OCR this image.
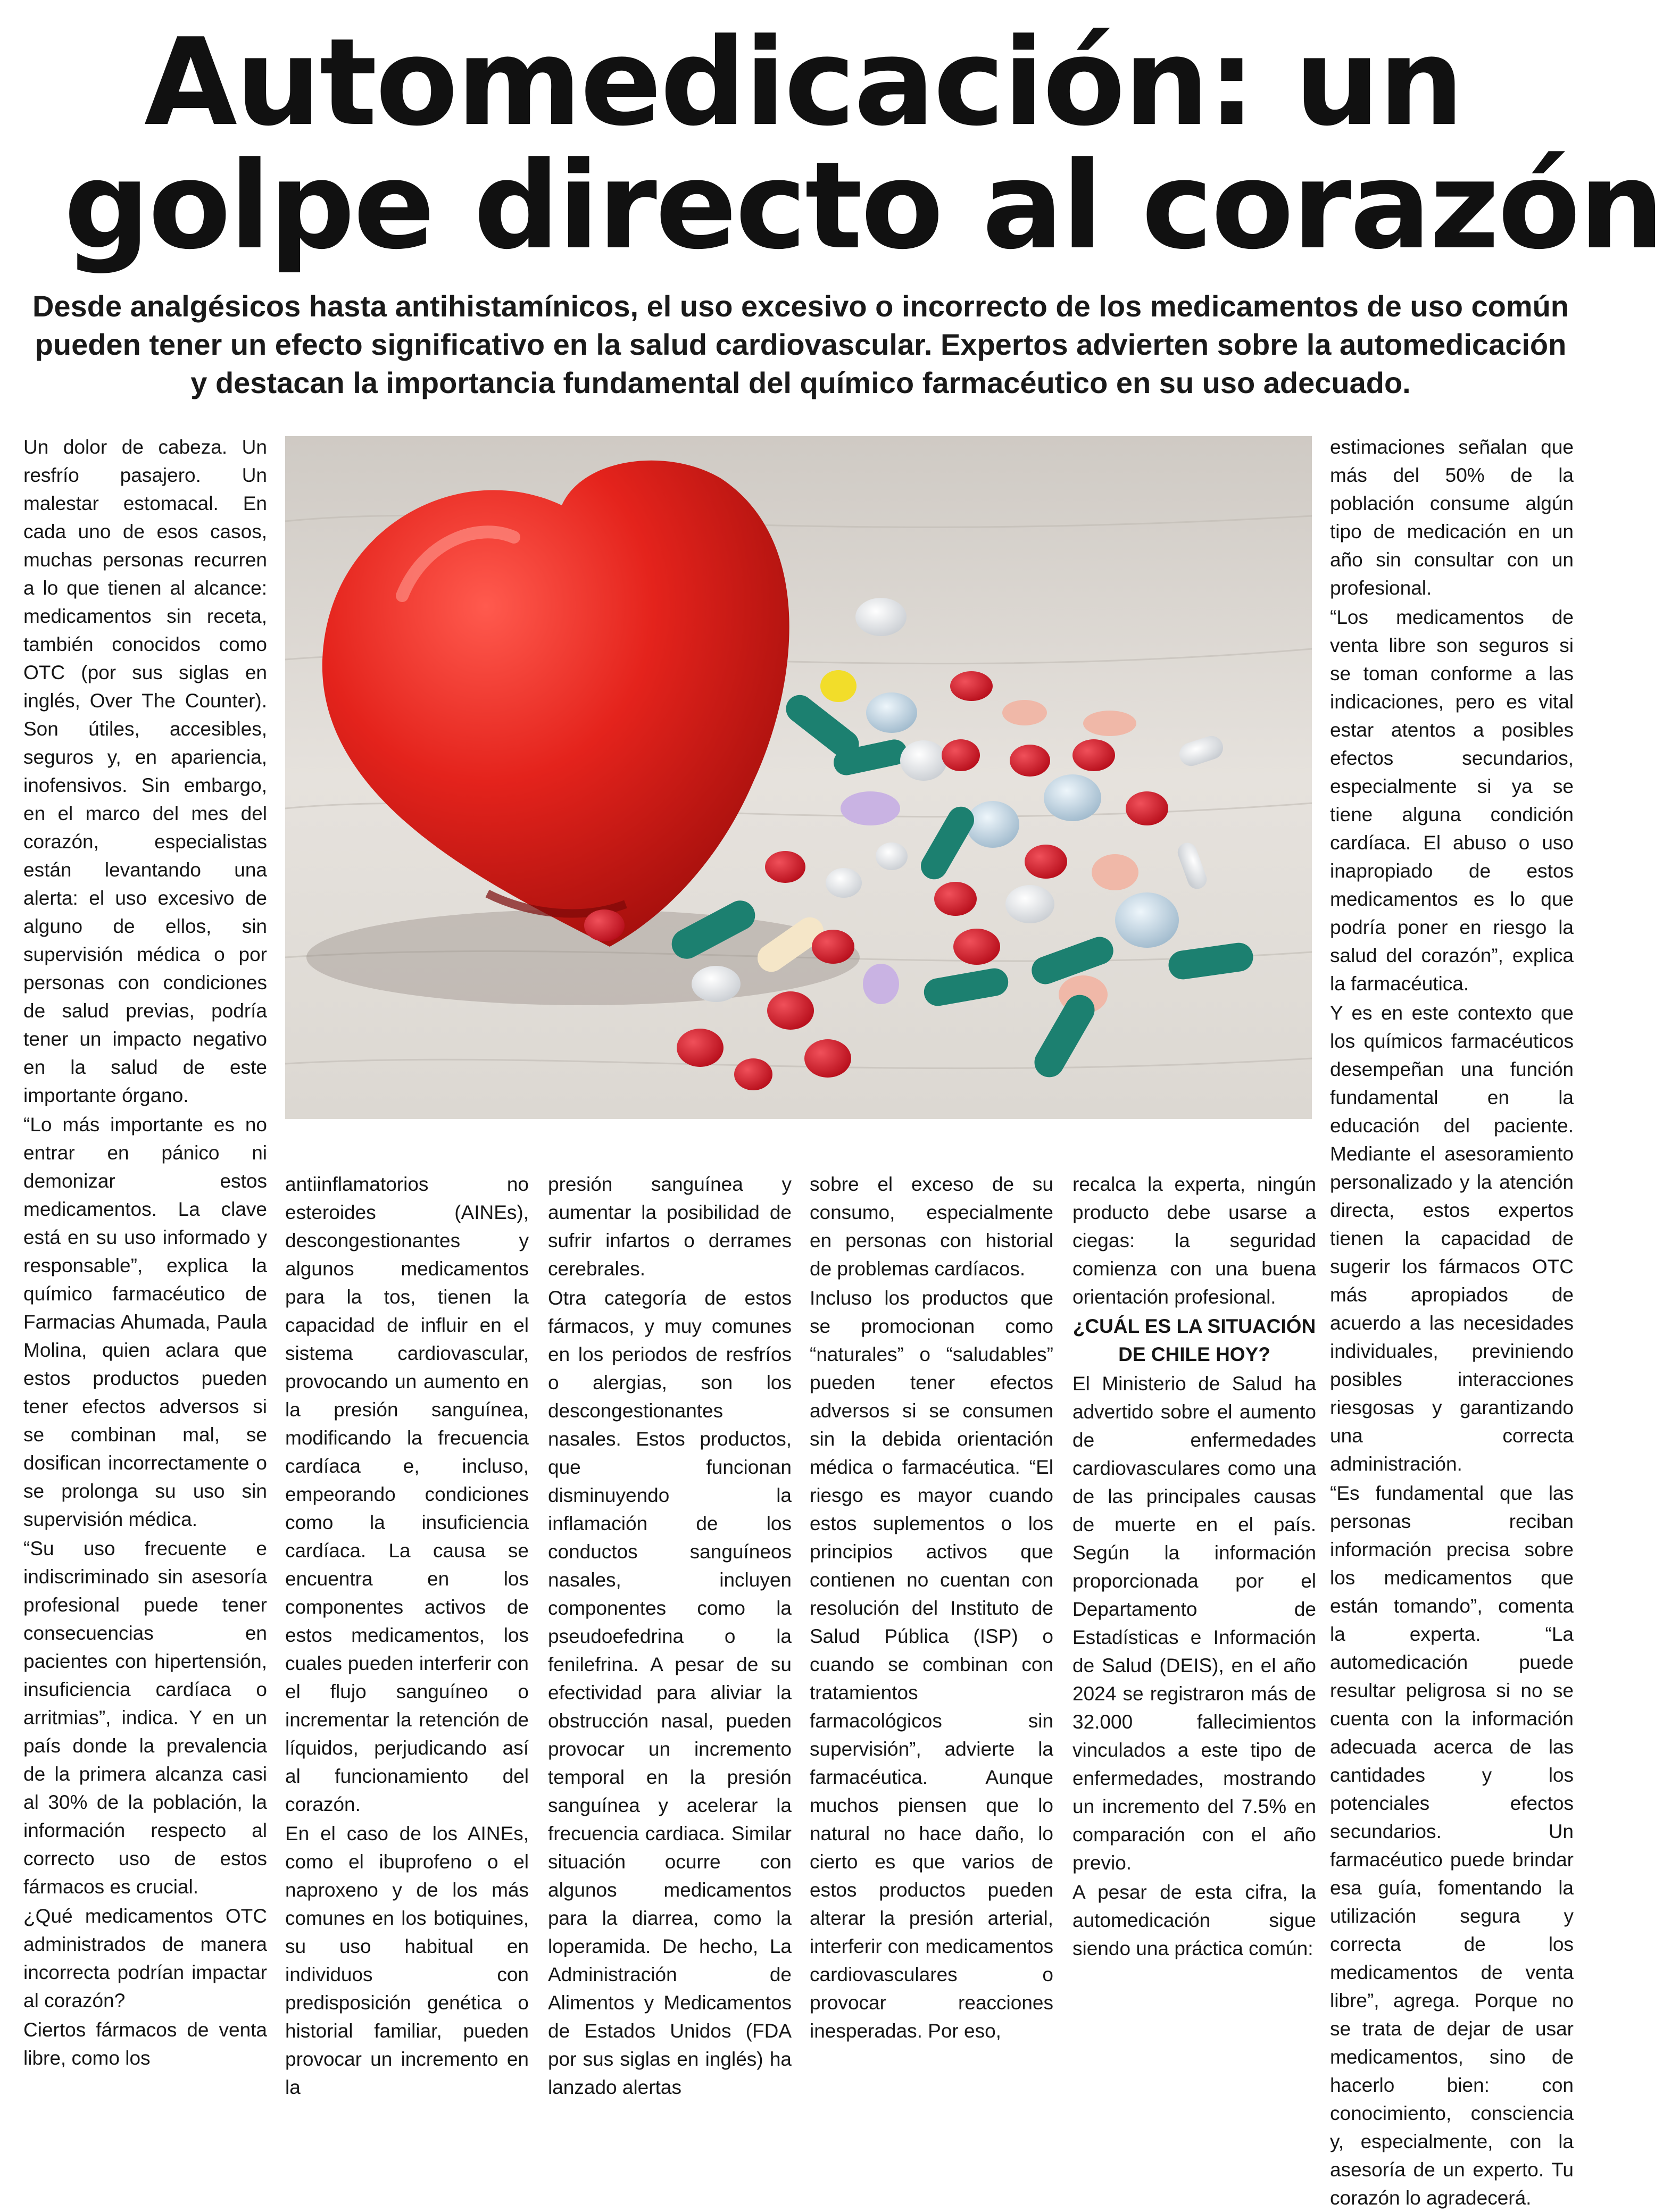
Automedicación: un
golpe directo al corazón

Desde analgésicos hasta antihistamínicos, el uso excesivo o incorrecto de los medicamentos de uso común pueden tener un efecto significativo en la salud cardiovascular. Expertos advierten sobre la automedicación y destacan la importancia fundamental del químico farmacéutico en su uso adecuado.

Un dolor de cabeza. Un resfrío pasajero. Un malestar estomacal. En cada uno de esos casos, muchas personas recurren a lo que tienen al alcance: medicamentos sin receta, también conocidos como OTC (por sus siglas en inglés, Over The Counter). Son útiles, accesibles, seguros y, en apariencia, inofensivos. Sin embargo, en el marco del mes del corazón, especialistas están levantando una alerta: el uso excesivo de alguno de ellos, sin supervisión médica o por personas con condiciones de salud previas, podría tener un impacto negativo en la salud de este importante órgano.

“Lo más importante es no entrar en pánico ni demonizar estos medicamentos. La clave está en su uso informado y responsable”, explica la químico farmacéutico de Farmacias Ahumada, Paula Molina, quien aclara que estos productos pueden tener efectos adversos si se combinan mal, se dosifican incorrectamente o se prolonga su uso sin supervisión médica.

“Su uso frecuente e indiscriminado sin asesoría profesional puede tener consecuencias en pacientes con hipertensión, insuficiencia cardíaca o arritmias”, indica. Y en un país donde la prevalencia de la primera alcanza casi al 30% de la población, la información respecto al correcto uso de estos fármacos es crucial.

¿Qué medicamentos OTC administrados de manera incorrecta podrían impactar al corazón?

Ciertos fármacos de venta libre, como los

antiinflamatorios no esteroides (AINEs), descongestionantes y algunos medicamentos para la tos, tienen la capacidad de influir en el sistema cardiovascular, provocando un aumento en la presión sanguínea, modificando la frecuencia cardíaca e, incluso, empeorando condiciones como la insuficiencia cardíaca. La causa se encuentra en los componentes activos de estos medicamentos, los cuales pueden interferir con el flujo sanguíneo o incrementar la retención de líquidos, perjudicando así al funcionamiento del corazón.

En el caso de los AINEs, como el ibuprofeno o el naproxeno y de los más comunes en los botiquines, su uso habitual en individuos con predisposición genética o historial familiar, pueden provocar un incremento en la

presión sanguínea y aumentar la posibilidad de sufrir infartos o derrames cerebrales.

Otra categoría de estos fármacos, y muy comunes en los periodos de resfríos o alergias, son los descongestionantes nasales. Estos productos, que funcionan disminuyendo la inflamación de los conductos sanguíneos nasales, incluyen componentes como la pseudoefedrina o la fenilefrina. A pesar de su efectividad para aliviar la obstrucción nasal, pueden provocar un incremento temporal en la presión sanguínea y acelerar la frecuencia cardiaca. Similar situación ocurre con algunos medicamentos para la diarrea, como la loperamida. De hecho, La Administración de Alimentos y Medicamentos de Estados Unidos (FDA por sus siglas en inglés) ha lanzado alertas

sobre el exceso de su consumo, especialmente en personas con historial de problemas cardíacos.

Incluso los productos que se promocionan como “naturales” o “saludables” pueden tener efectos adversos si se consumen sin la debida orientación médica o farmacéutica. “El riesgo es mayor cuando estos suplementos o los principios activos que contienen no cuentan con resolución del Instituto de Salud Pública (ISP) o cuando se combinan con tratamientos farmacológicos sin supervisión”, advierte la farmacéutica. Aunque muchos piensen que lo natural no hace daño, lo cierto es que varios de estos productos pueden alterar la presión arterial, interferir con medicamentos cardiovasculares o provocar reacciones inesperadas. Por eso,

recalca la experta, ningún producto debe usarse a ciegas: la seguridad comienza con una buena orientación profesional.

¿CUÁL ES LA SITUACIÓN DE CHILE HOY?

El Ministerio de Salud ha advertido sobre el aumento de enfermedades cardiovasculares como una de las principales causas de muerte en el país. Según la información proporcionada por el Departamento de Estadísticas e Información de Salud (DEIS), en el año 2024 se registraron más de 32.000 fallecimientos vinculados a este tipo de enfermedades, mostrando un incremento del 7.5% en comparación con el año previo.

A pesar de esta cifra, la automedicación sigue siendo una práctica común:

estimaciones señalan que más del 50% de la población consume algún tipo de medicación en un año sin consultar con un profesional.

“Los medicamentos de venta libre son seguros si se toman conforme a las indicaciones, pero es vital estar atentos a posibles efectos secundarios, especialmente si ya se tiene alguna condición cardíaca. El abuso o uso inapropiado de estos medicamentos es lo que podría poner en riesgo la salud del corazón”, explica la farmacéutica.

Y es en este contexto que los químicos farmacéuticos desempeñan una función fundamental en la educación del paciente. Mediante el asesoramiento personalizado y la atención directa, estos expertos tienen la capacidad de sugerir los fármacos OTC más apropiados de acuerdo a las necesidades individuales, previniendo posibles interacciones riesgosas y garantizando una correcta administración.

“Es fundamental que las personas reciban información precisa sobre los medicamentos que están tomando”, comenta la experta. “La automedicación puede resultar peligrosa si no se cuenta con la información adecuada acerca de las cantidades y los potenciales efectos secundarios. Un farmacéutico puede brindar esa guía, fomentando la utilización segura y correcta de los medicamentos de venta libre”, agrega. Porque no se trata de dejar de usar medicamentos, sino de hacerlo bien: con conocimiento, consciencia y, especialmente, con la asesoría de un experto. Tu corazón lo agradecerá.
